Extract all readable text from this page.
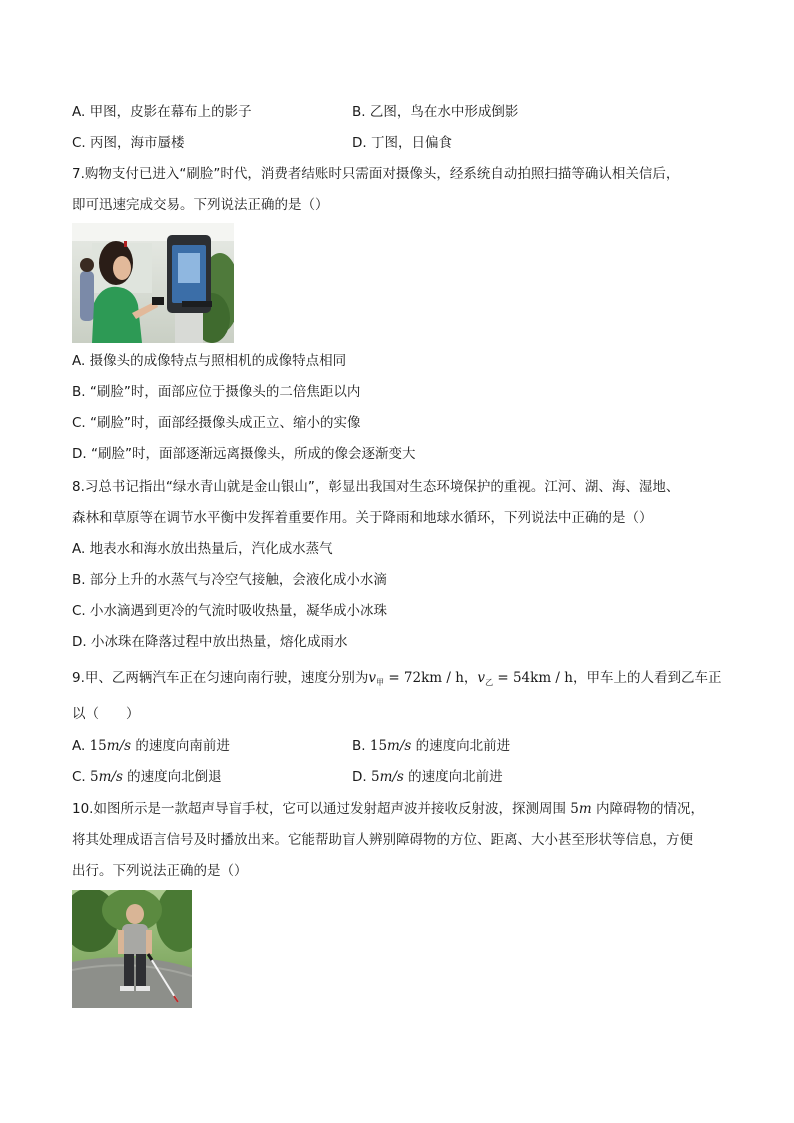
A. 甲图，皮影在幕布上的影子	B. 乙图，鸟在水中形成倒影
C. 丙图，海市蜃楼	D. 丁图，日偏食
7.购物支付已进入“刷脸”时代，消费者结账时只需面对摄像头，经系统自动拍照扫描等确认相关信后，
即可迅速完成交易。下列说法正确的是（）
A. 摄像头的成像特点与照相机的成像特点相同
B. “刷脸”时，面部应位于摄像头的二倍焦距以内
C. “刷脸”时，面部经摄像头成正立、缩小的实像
D. “刷脸”时，面部逐渐远离摄像头，所成的像会逐渐变大
8.习总书记指出“绿水青山就是金山银山”，彰显出我国对生态环境保护的重视。江河、湖、海、湿地、
森林和草原等在调节水平衡中发挥着重要作用。关于降雨和地球水循环，下列说法中正确的是（）
A. 地表水和海水放出热量后，汽化成水蒸气
B. 部分上升的水蒸气与冷空气接触，会液化成小水滴
C. 小水滴遇到更冷的气流时吸收热量，凝华成小冰珠
D. 小冰珠在降落过程中放出热量，熔化成雨水
9.甲、乙两辆汽车正在匀速向南行驶，速度分别为$v_甲 = 72km / h$，$v_乙 = 54km / h$，甲车上的人看到乙车正
以（　　）
A. 15m/s 的速度向南前进	B. 15m/s 的速度向北前进
C. 5m/s 的速度向北倒退	D. 5m/s 的速度向北前进
10.如图所示是一款超声导盲手杖，它可以通过发射超声波并接收反射波，探测周围 5m 内障碍物的情况，
将其处理成语言信号及时播放出来。它能帮助盲人辨别障碍物的方位、距离、大小甚至形状等信息，方便
出行。下列说法正确的是（）
